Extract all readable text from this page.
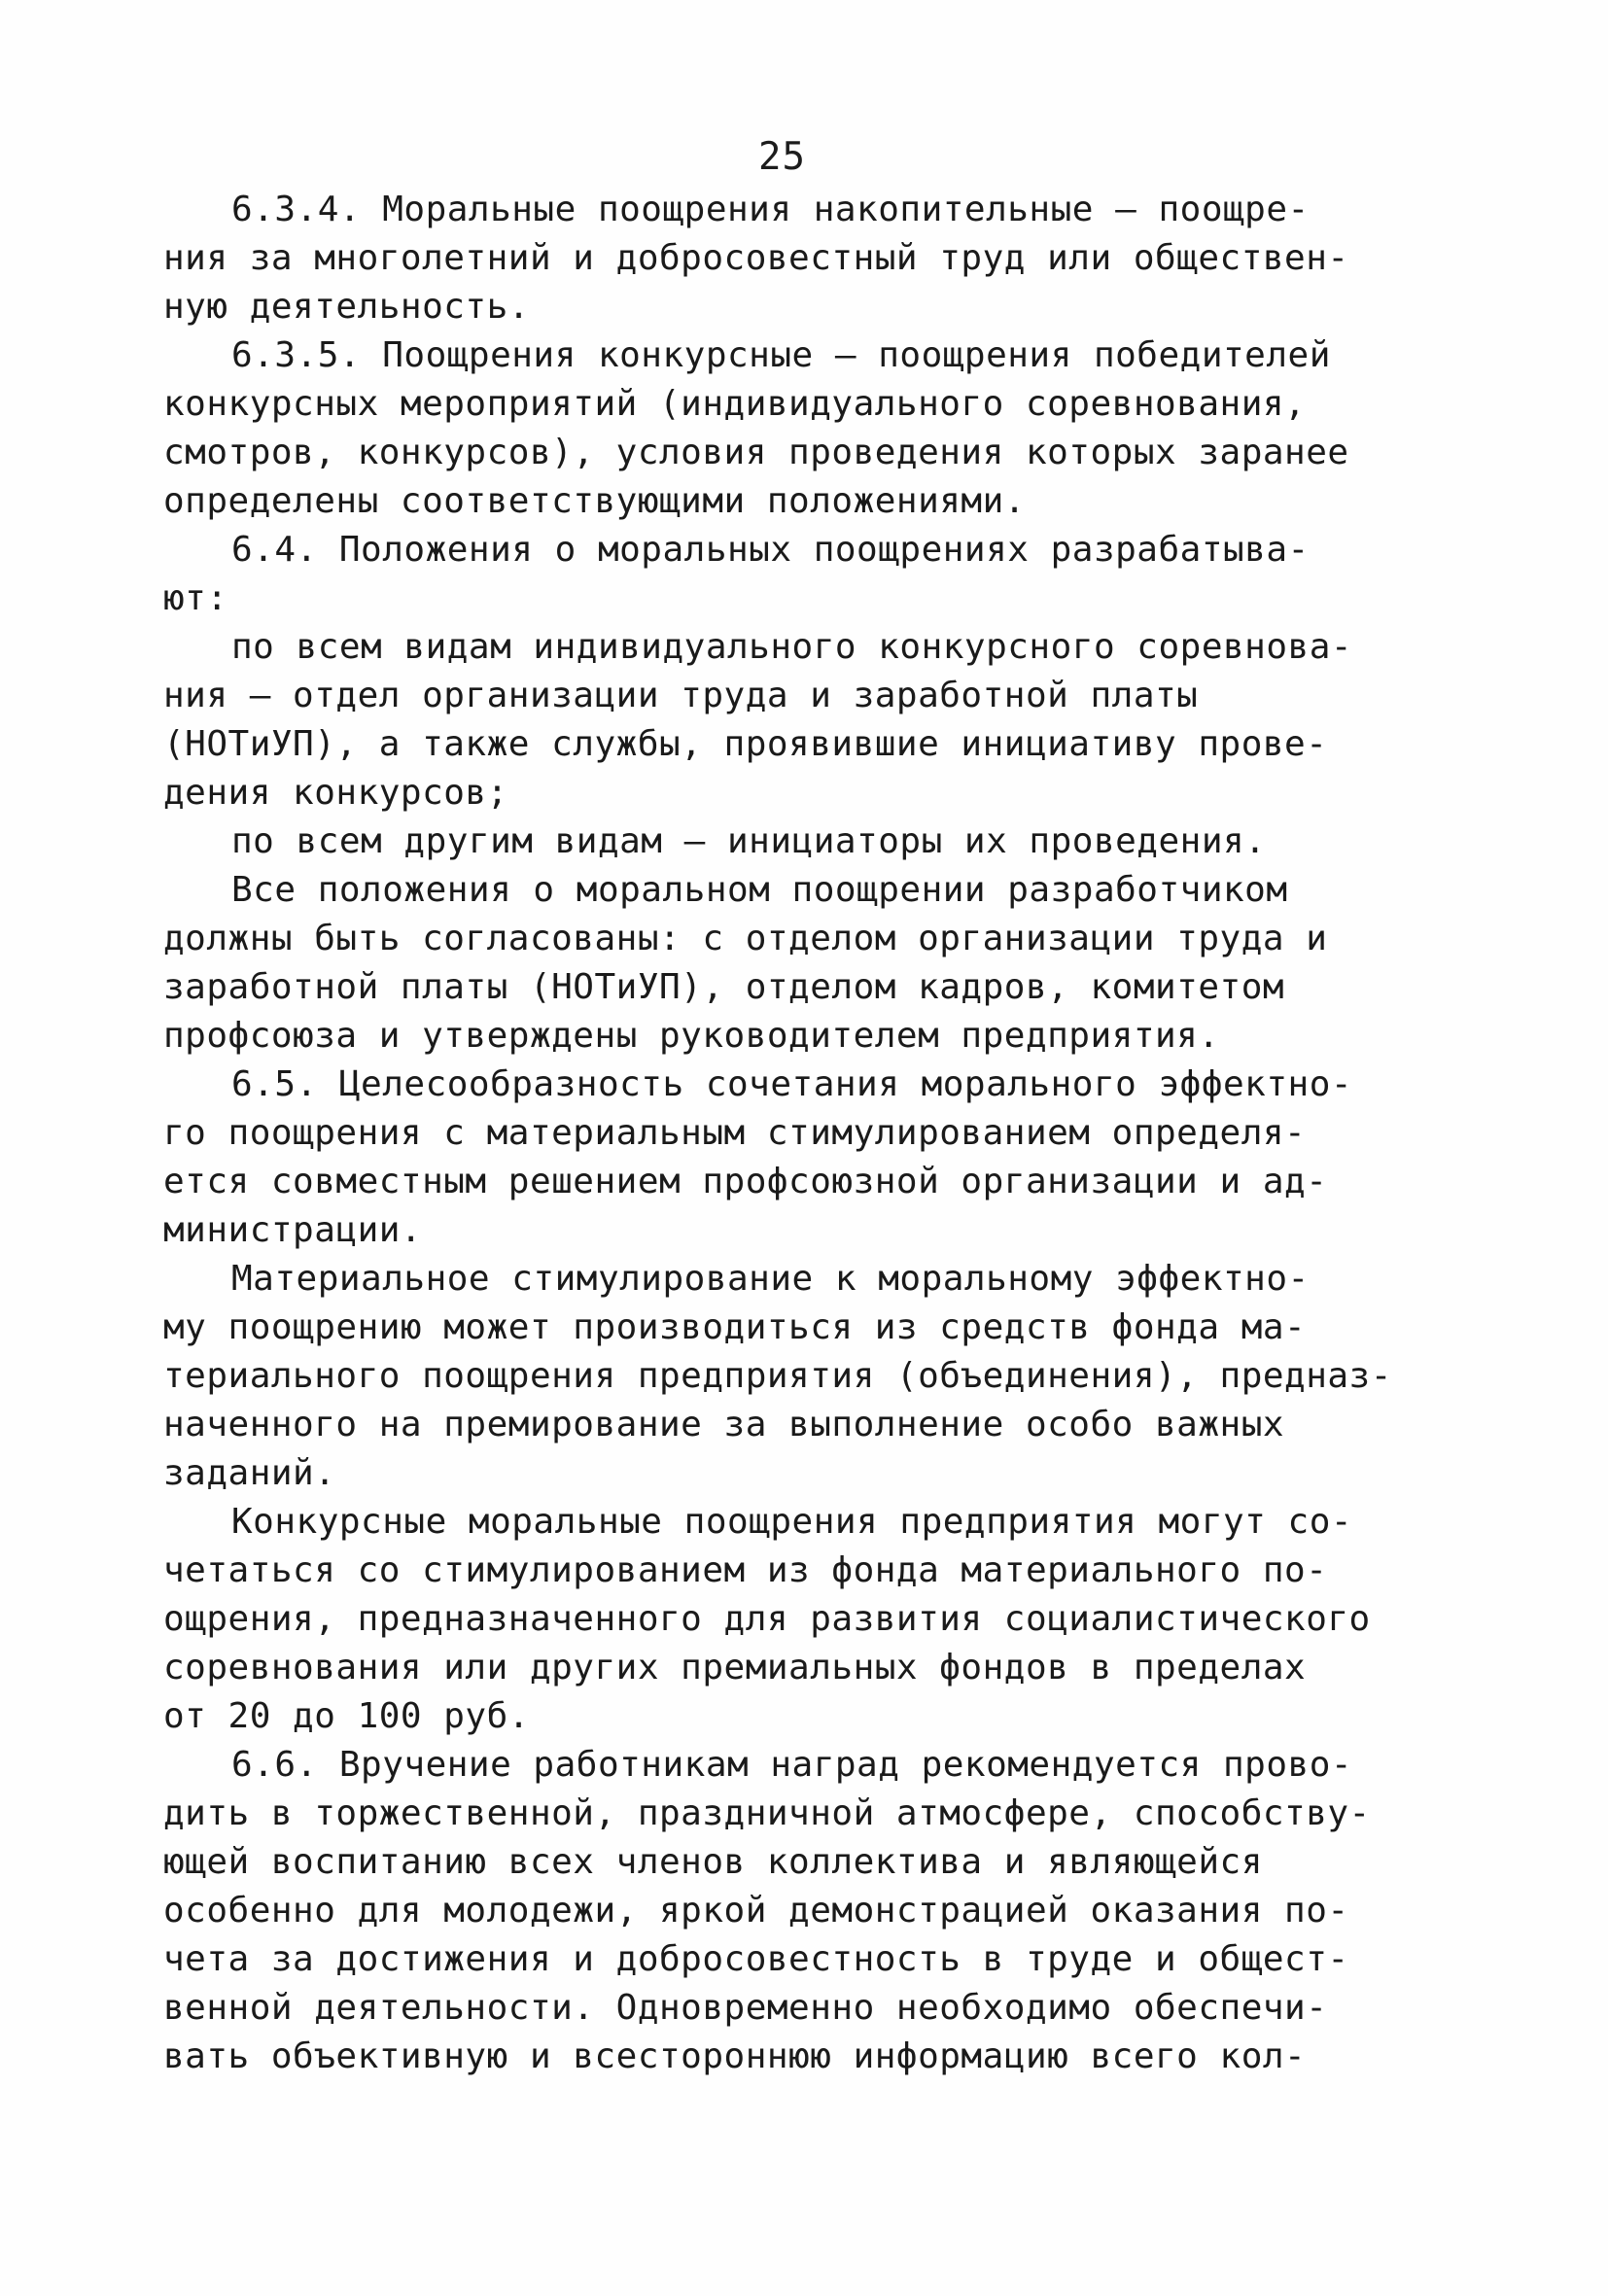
25
6.3.4. Моральные поощрения накопительные – поощре-
ния за многолетний и добросовестный труд или обществен-
ную деятельность.
6.3.5. Поощрения конкурсные – поощрения победителей
конкурсных мероприятий (индивидуального соревнования,
смотров, конкурсов), условия проведения которых заранее
определены соответствующими положениями.
6.4. Положения о моральных поощрениях разрабатыва-
ют:
по всем видам индивидуального конкурсного соревнова-
ния – отдел организации труда и заработной платы
(НОТиУП), а также службы, проявившие инициативу прове-
дения конкурсов;
по всем другим видам – инициаторы их проведения.
Все положения о моральном поощрении разработчиком
должны быть согласованы: с отделом организации труда и
заработной платы (НОТиУП), отделом кадров, комитетом
профсоюза и утверждены руководителем предприятия.
6.5. Целесообразность сочетания морального эффектно-
го поощрения с материальным стимулированием определя-
ется совместным решением профсоюзной организации и ад-
министрации.
Материальное стимулирование к моральному эффектно-
му поощрению может производиться из средств фонда ма-
териального поощрения предприятия (объединения), предназ-
наченного на премирование за выполнение особо важных
заданий.
Конкурсные моральные поощрения предприятия могут со-
четаться со стимулированием из фонда материального по-
ощрения, предназначенного для развития социалистического
соревнования или других премиальных фондов в пределах
от 20 до 100 руб.
6.6. Вручение работникам наград рекомендуется прово-
дить в торжественной, праздничной атмосфере, способству-
ющей воспитанию всех членов коллектива и являющейся
особенно для молодежи, яркой демонстрацией оказания по-
чета за достижения и добросовестность в труде и общест-
венной деятельности. Одновременно необходимо обеспечи-
вать объективную и всестороннюю информацию всего кол-
